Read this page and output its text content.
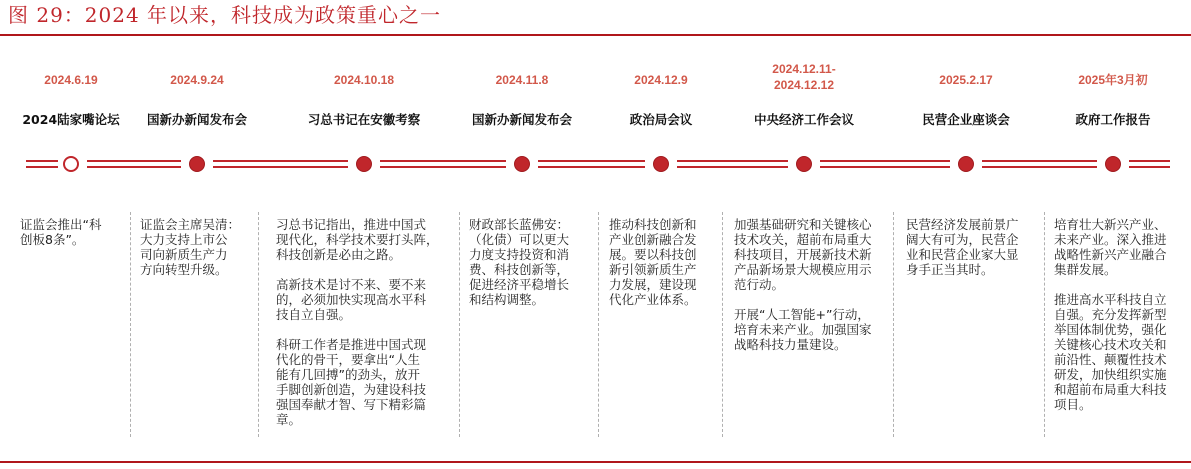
图 29：2024 年以来，科技成为政策重心之一
2024.6.19
2024陆家嘴论坛
2024.9.24
国新办新闻发布会
2024.10.18
习总书记在安徽考察
2024.11.8
国新办新闻发布会
2024.12.9
政治局会议
2024.12.11-
2024.12.12
中央经济工作会议
2025.2.17
民营企业座谈会
2025年3月初
政府工作报告

证监会推出“科
创板8条”。

证监会主席吴清：
大力支持上市公
司向新质生产力
方向转型升级。

习总书记指出，推进中国式
现代化，科学技术要打头阵，
科技创新是必由之路。

高新技术是讨不来、要不来
的，必须加快实现高水平科
技自立自强。

科研工作者是推进中国式现
代化的骨干，要拿出“人生
能有几回搏”的劲头，放开
手脚创新创造，为建设科技
强国奉献才智、写下精彩篇
章。

财政部长蓝佛安：
（化债）可以更大
力度支持投资和消
费、科技创新等，
促进经济平稳增长
和结构调整。

推动科技创新和
产业创新融合发
展。要以科技创
新引领新质生产
力发展，建设现
代化产业体系。

加强基础研究和关键核心
技术攻关，超前布局重大
科技项目，开展新技术新
产品新场景大规模应用示
范行动。

开展“人工智能+”行动，
培育未来产业。加强国家
战略科技力量建设。

民营经济发展前景广
阔大有可为，民营企
业和民营企业家大显
身手正当其时。

培育壮大新兴产业、
未来产业。深入推进
战略性新兴产业融合
集群发展。

推进高水平科技自立
自强。充分发挥新型
举国体制优势，强化
关键核心技术攻关和
前沿性、颠覆性技术
研发，加快组织实施
和超前布局重大科技
项目。
